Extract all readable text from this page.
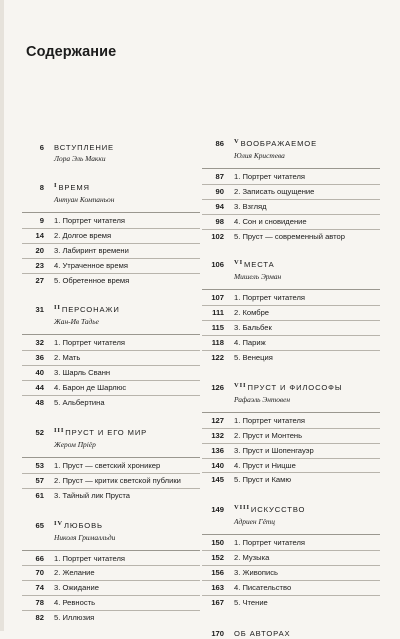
Содержание
6 ВСТУПЛЕНИЕ
Лора Эль Макки
8 IВРЕМЯ
Антуан Компаньон
9 1. Портрет читателя
14 2. Долгое время
20 3. Лабиринт времени
23 4. Утраченное время
27 5. Обретенное время
31 IIПЕРСОНАЖИ
Жан-Ив Тадье
32 1. Портрет читателя
36 2. Мать
40 3. Шарль Сванн
44 4. Барон де Шарлюс
48 5. Альбертина
52 IIIПРУСТ И ЕГО МИР
Жером Прiёр
53 1. Пруст — светский хроникер
57 2. Пруст — критик светской публики
61 3. Тайный лик Пруста
65 IVЛЮБОВЬ
Николя Грималльди
66 1. Портрет читателя
70 2. Желание
74 3. Ожидание
78 4. Ревность
82 5. Иллюзия
86 VВООБРАЖАЕМОЕ
Юлия Кристева
87 1. Портрет читателя
90 2. Записать ощущение
94 3. Взгляд
98 4. Сон и сновидение
102 5. Пруст — современный автор
106 VIМЕСТА
Мишель Эрман
107 1. Портрет читателя
111 2. Комбре
115 3. Бальбек
118 4. Париж
122 5. Венеция
126 VIIПРУСТ И ФИЛОСОФЫ
Рафаэль Энтовен
127 1. Портрет читателя
132 2. Пруст и Монтень
136 3. Пруст и Шопенгауэр
140 4. Пруст и Ницше
145 5. Пруст и Камю
149 VIIIИСКУССТВО
Адриен Гётц
150 1. Портрет читателя
152 2. Музыка
156 3. Живопись
163 4. Писательство
167 5. Чтение
170 ОБ АВТОРАХ
